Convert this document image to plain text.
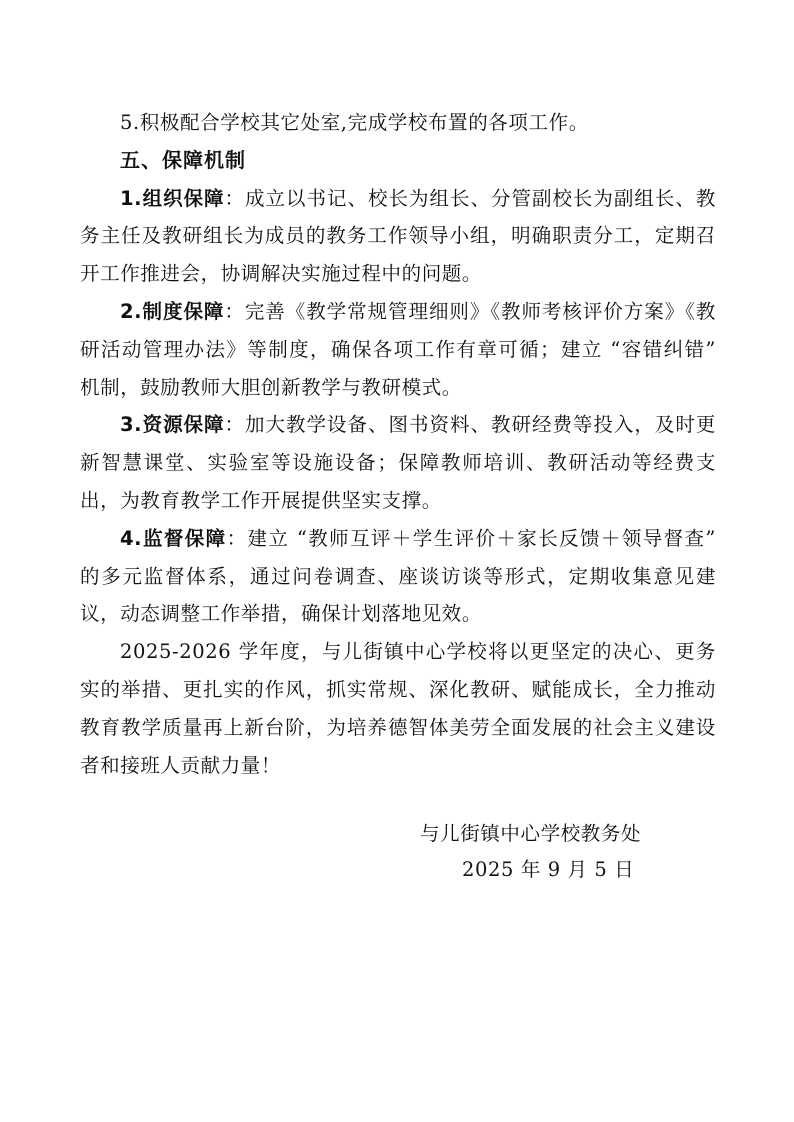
5.积极配合学校其它处室,完成学校布置的各项工作。

五、保障机制

1.组织保障：成立以书记、校长为组长、分管副校长为副组长、教务主任及教研组长为成员的教务工作领导小组，明确职责分工，定期召开工作推进会，协调解决实施过程中的问题。

2.制度保障：完善《教学常规管理细则》《教师考核评价方案》《教研活动管理办法》等制度，确保各项工作有章可循；建立 “容错纠错” 机制，鼓励教师大胆创新教学与教研模式。

3.资源保障：加大教学设备、图书资料、教研经费等投入，及时更新智慧课堂、实验室等设施设备；保障教师培训、教研活动等经费支出，为教育教学工作开展提供坚实支撑。

4.监督保障：建立 “教师互评＋学生评价＋家长反馈＋领导督查” 的多元监督体系，通过问卷调查、座谈访谈等形式，定期收集意见建议，动态调整工作举措，确保计划落地见效。

2025-2026 学年度，与儿街镇中心学校将以更坚定的决心、更务实的举措、更扎实的作风，抓实常规、深化教研、赋能成长，全力推动教育教学质量再上新台阶，为培养德智体美劳全面发展的社会主义建设者和接班人贡献力量！

与儿街镇中心学校教务处
2025 年 9 月 5 日
